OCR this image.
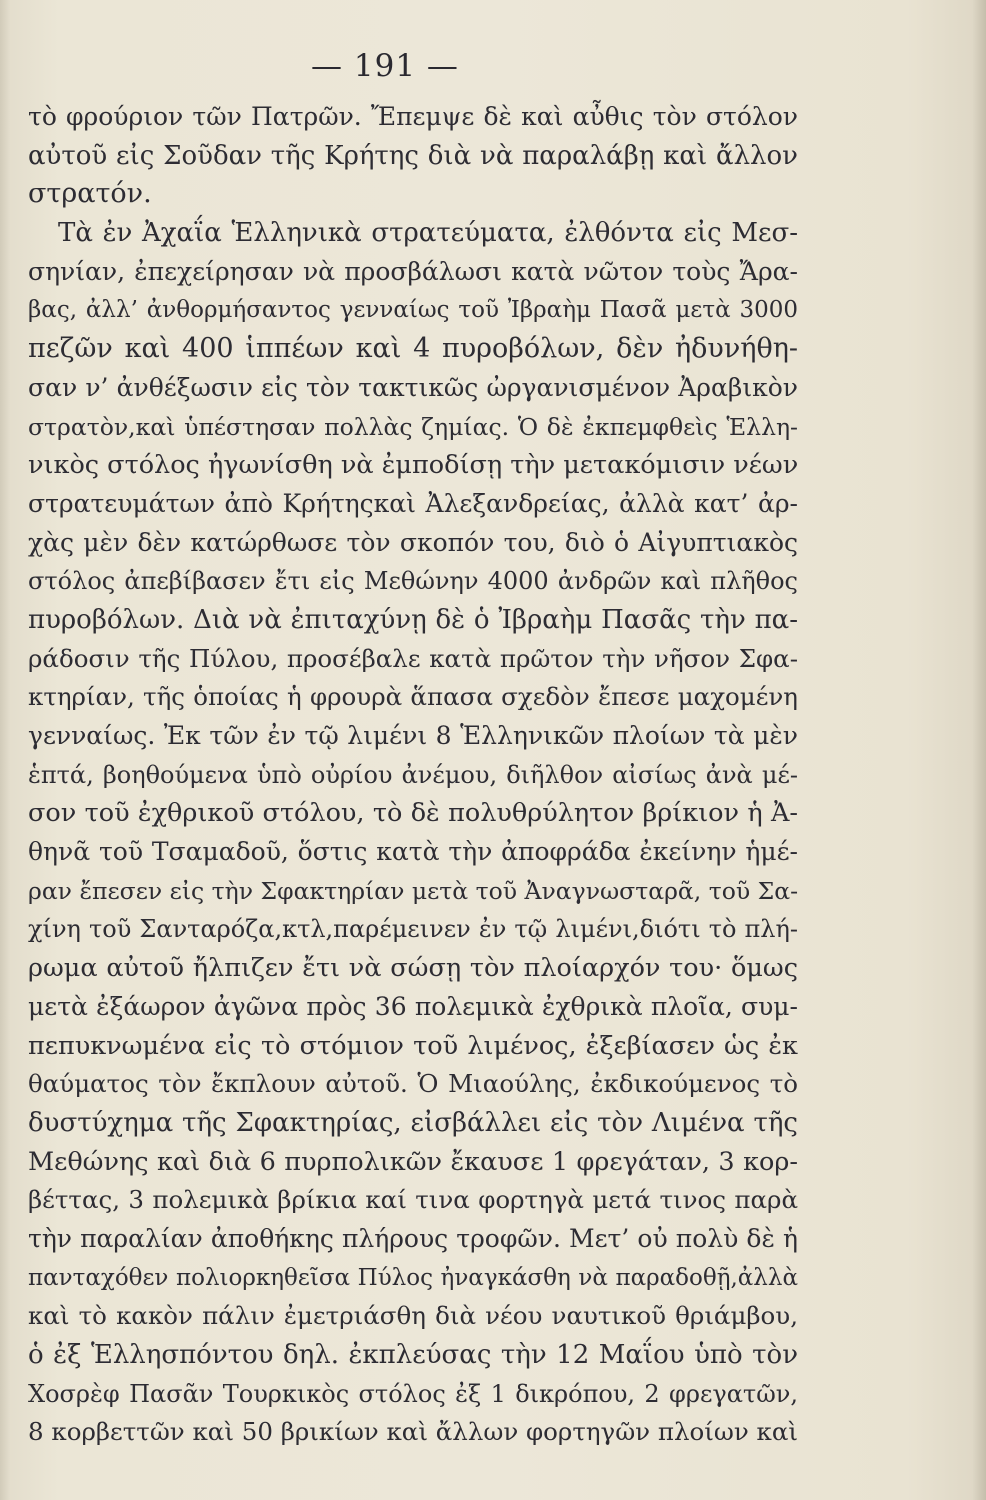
— 191 —
τὸ φρούριον τῶν Πατρῶν. Ἔπεμψε δὲ καὶ αὖθις τὸν στόλον
αὐτοῦ εἰς Σοῦδαν τῆς Κρήτης διὰ νὰ παραλάβῃ καὶ ἄλλον
στρατόν.
Τὰ ἐν Ἀχαΐα Ἑλληνικὰ στρατεύματα, ἐλθόντα εἰς Μεσ-
σηνίαν, ἐπεχείρησαν νὰ προσβάλωσι κατὰ νῶτον τοὺς Ἄρα-
βας, ἀλλ’ ἀνθορμήσαντος γενναίως τοῦ Ἰβραὴμ Πασᾶ μετὰ 3000
πεζῶν καὶ 400 ἱππέων καὶ 4 πυροβόλων, δὲν ἠδυνήθη-
σαν ν’ ἀνθέξωσιν εἰς τὸν τακτικῶς ὠργανισμένον Ἀραβικὸν
στρατὸν,καὶ ὑπέστησαν πολλὰς ζημίας. Ὁ δὲ ἐκπεμφθεὶς Ἑλλη-
νικὸς στόλος ἠγωνίσθη νὰ ἐμποδίσῃ τὴν μετακόμισιν νέων
στρατευμάτων ἀπὸ Κρήτηςκαὶ Ἀλεξανδρείας, ἀλλὰ κατ’ ἀρ-
χὰς μὲν δὲν κατώρθωσε τὸν σκοπόν του, διὸ ὁ Αἰγυπτιακὸς
στόλος ἀπεβίβασεν ἔτι εἰς Μεθώνην 4000 ἀνδρῶν καὶ πλῆθος
πυροβόλων. Διὰ νὰ ἐπιταχύνῃ δὲ ὁ Ἰβραὴμ Πασᾶς τὴν πα-
ράδοσιν τῆς Πύλου, προσέβαλε κατὰ πρῶτον τὴν νῆσον Σφα-
κτηρίαν, τῆς ὁποίας ἡ φρουρὰ ἅπασα σχεδὸν ἔπεσε μαχομένη
γενναίως. Ἐκ τῶν ἐν τῷ λιμένι 8 Ἑλληνικῶν πλοίων τὰ μὲν
ἑπτά, βοηθούμενα ὑπὸ οὐρίου ἀνέμου, διῆλθον αἰσίως ἀνὰ μέ-
σον τοῦ ἐχθρικοῦ στόλου, τὸ δὲ πολυθρύλητον βρίκιον ἡ Ἀ-
θηνᾶ τοῦ Τσαμαδοῦ, ὅστις κατὰ τὴν ἀποφράδα ἐκείνην ἡμέ-
ραν ἔπεσεν εἰς τὴν Σφακτηρίαν μετὰ τοῦ Ἀναγνωσταρᾶ, τοῦ Σα-
χίνη τοῦ Σανταρόζα,κτλ,παρέμεινεν ἐν τῷ λιμένι,διότι τὸ πλή-
ρωμα αὐτοῦ ἤλπιζεν ἔτι νὰ σώσῃ τὸν πλοίαρχόν του· ὅμως
μετὰ ἐξάωρον ἀγῶνα πρὸς 36 πολεμικὰ ἐχθρικὰ πλοῖα, συμ-
πεπυκνωμένα εἰς τὸ στόμιον τοῦ λιμένος, ἐξεβίασεν ὡς ἐκ
θαύματος τὸν ἔκπλουν αὐτοῦ. Ὁ Μιαούλης, ἐκδικούμενος τὸ
δυστύχημα τῆς Σφακτηρίας, εἰσβάλλει εἰς τὸν Λιμένα τῆς
Μεθώνης καὶ διὰ 6 πυρπολικῶν ἔκαυσε 1 φρεγάταν, 3 κορ-
βέττας, 3 πολεμικὰ βρίκια καί τινα φορτηγὰ μετά τινος παρὰ
τὴν παραλίαν ἀποθήκης πλήρους τροφῶν. Μετ’ οὐ πολὺ δὲ ἡ
πανταχόθεν πολιορκηθεῖσα Πύλος ἠναγκάσθη νὰ παραδοθῇ,ἀλλὰ
καὶ τὸ κακὸν πάλιν ἐμετριάσθη διὰ νέου ναυτικοῦ θριάμβου,
ὁ ἐξ Ἑλλησπόντου δηλ. ἐκπλεύσας τὴν 12 Μαΐου ὑπὸ τὸν
Χοσρὲφ Πασᾶν Τουρκικὸς στόλος ἐξ 1 δικρόπου, 2 φρεγατῶν,
8 κορβεττῶν καὶ 50 βρικίων καὶ ἄλλων φορτηγῶν πλοίων καὶ
